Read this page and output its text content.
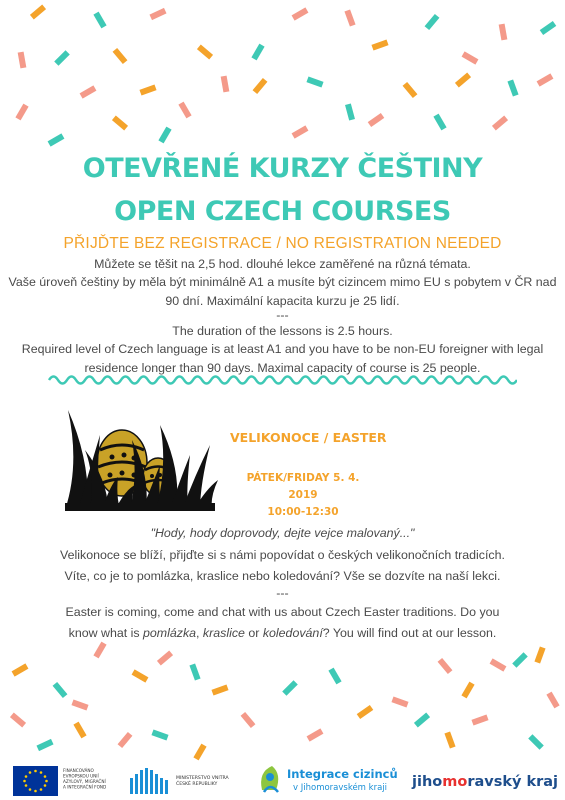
OTEVŘENÉ KURZY ČEŠTINY
OPEN CZECH COURSES
PŘIJĎTE BEZ REGISTRACE / NO REGISTRATION NEEDED
Můžete se těšit na 2,5 hod. dlouhé lekce zaměřené na různá témata.
Vaše úroveň češtiny by měla být minimálně A1 a musíte být cizincem mimo EU s pobytem v ČR nad
90 dní. Maximální kapacita kurzu je 25 lidí.
---
The duration of the lessons is 2.5 hours.
Required level of Czech language is at least A1 and you have to be non-EU foreigner with legal
residence longer than 90 days. Maximal capacity of course is 25 people.
VELIKONOCE / EASTER
PÁTEK/FRIDAY 5. 4. 2019
10:00-12:30
"Hody, hody doprovody, dejte vejce malovaný..."
Velikonoce se blíží, přijďte si s námi popovídat o českých velikonočních tradicích.
Víte, co je to pomlázka, kraslice nebo koledování? Vše se dozvíte na naší lekci.
---
Easter is coming, come and chat with us about Czech Easter traditions. Do you
know what is pomlázka, kraslice or koledování? You will find out at our lesson.
FINANCOVÁNO
EVROPSKOU UNIÍ
AZYLOVÝ, MIGRAČNÍ
A INTEGRAČNÍ FOND
MINISTERSTVO VNITRA
ČESKÉ REPUBLIKY
Integrace cizinců
v Jihomoravském kraji jihomoravský kraj
